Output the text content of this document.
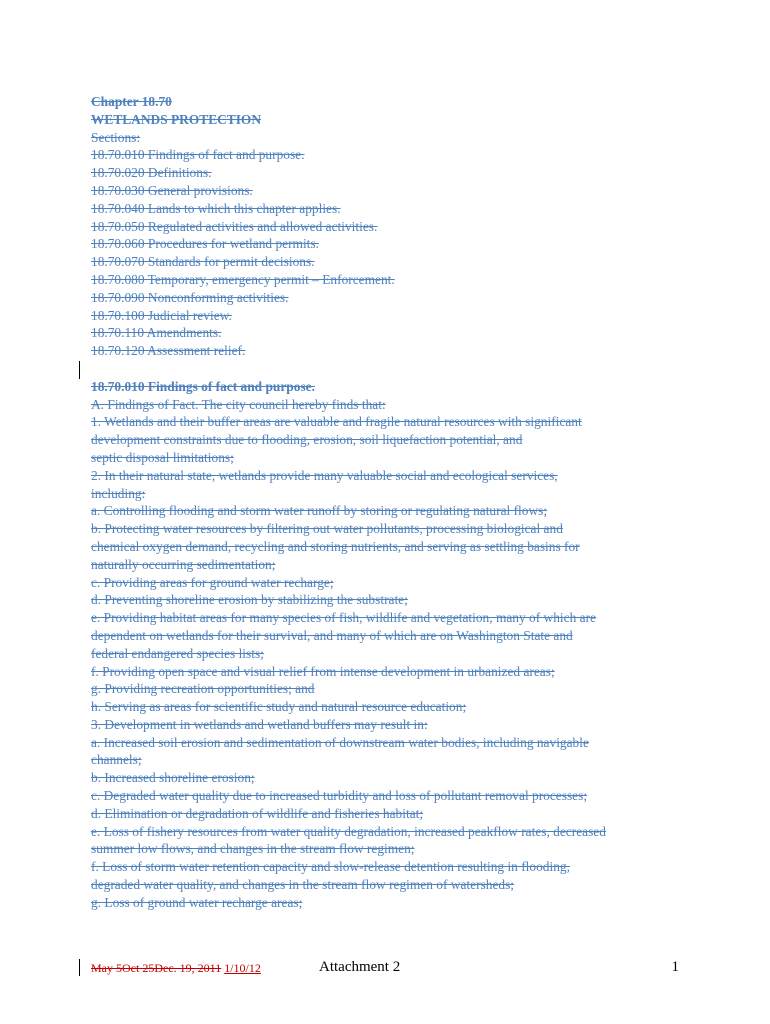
Chapter 18.70
WETLANDS PROTECTION
Sections:
18.70.010 Findings of fact and purpose.
18.70.020 Definitions.
18.70.030 General provisions.
18.70.040 Lands to which this chapter applies.
18.70.050 Regulated activities and allowed activities.
18.70.060 Procedures for wetland permits.
18.70.070 Standards for permit decisions.
18.70.080 Temporary, emergency permit – Enforcement.
18.70.090 Nonconforming activities.
18.70.100 Judicial review.
18.70.110 Amendments.
18.70.120 Assessment relief.
18.70.010 Findings of fact and purpose.
A. Findings of Fact. The city council hereby finds that:
1. Wetlands and their buffer areas are valuable and fragile natural resources with significant
development constraints due to flooding, erosion, soil liquefaction potential, and
septic disposal limitations;
2. In their natural state, wetlands provide many valuable social and ecological services,
including:
a. Controlling flooding and storm water runoff by storing or regulating natural flows;
b. Protecting water resources by filtering out water pollutants, processing biological and
chemical oxygen demand, recycling and storing nutrients, and serving as settling basins for
naturally occurring sedimentation;
c. Providing areas for ground water recharge;
d. Preventing shoreline erosion by stabilizing the substrate;
e. Providing habitat areas for many species of fish, wildlife and vegetation, many of which are
dependent on wetlands for their survival, and many of which are on Washington State and
federal endangered species lists;
f. Providing open space and visual relief from intense development in urbanized areas;
g. Providing recreation opportunities; and
h. Serving as areas for scientific study and natural resource education;
3. Development in wetlands and wetland buffers may result in:
a. Increased soil erosion and sedimentation of downstream water bodies, including navigable
channels;
b. Increased shoreline erosion;
c. Degraded water quality due to increased turbidity and loss of pollutant removal processes;
d. Elimination or degradation of wildlife and fisheries habitat;
e. Loss of fishery resources from water quality degradation, increased peakflow rates, decreased
summer low flows, and changes in the stream flow regimen;
f. Loss of storm water retention capacity and slow-release detention resulting in flooding,
degraded water quality, and changes in the stream flow regimen of watersheds;
g. Loss of ground water recharge areas;
May 5Oct 25Dec. 19, 2011 1/10/12	Attachment 2	1
